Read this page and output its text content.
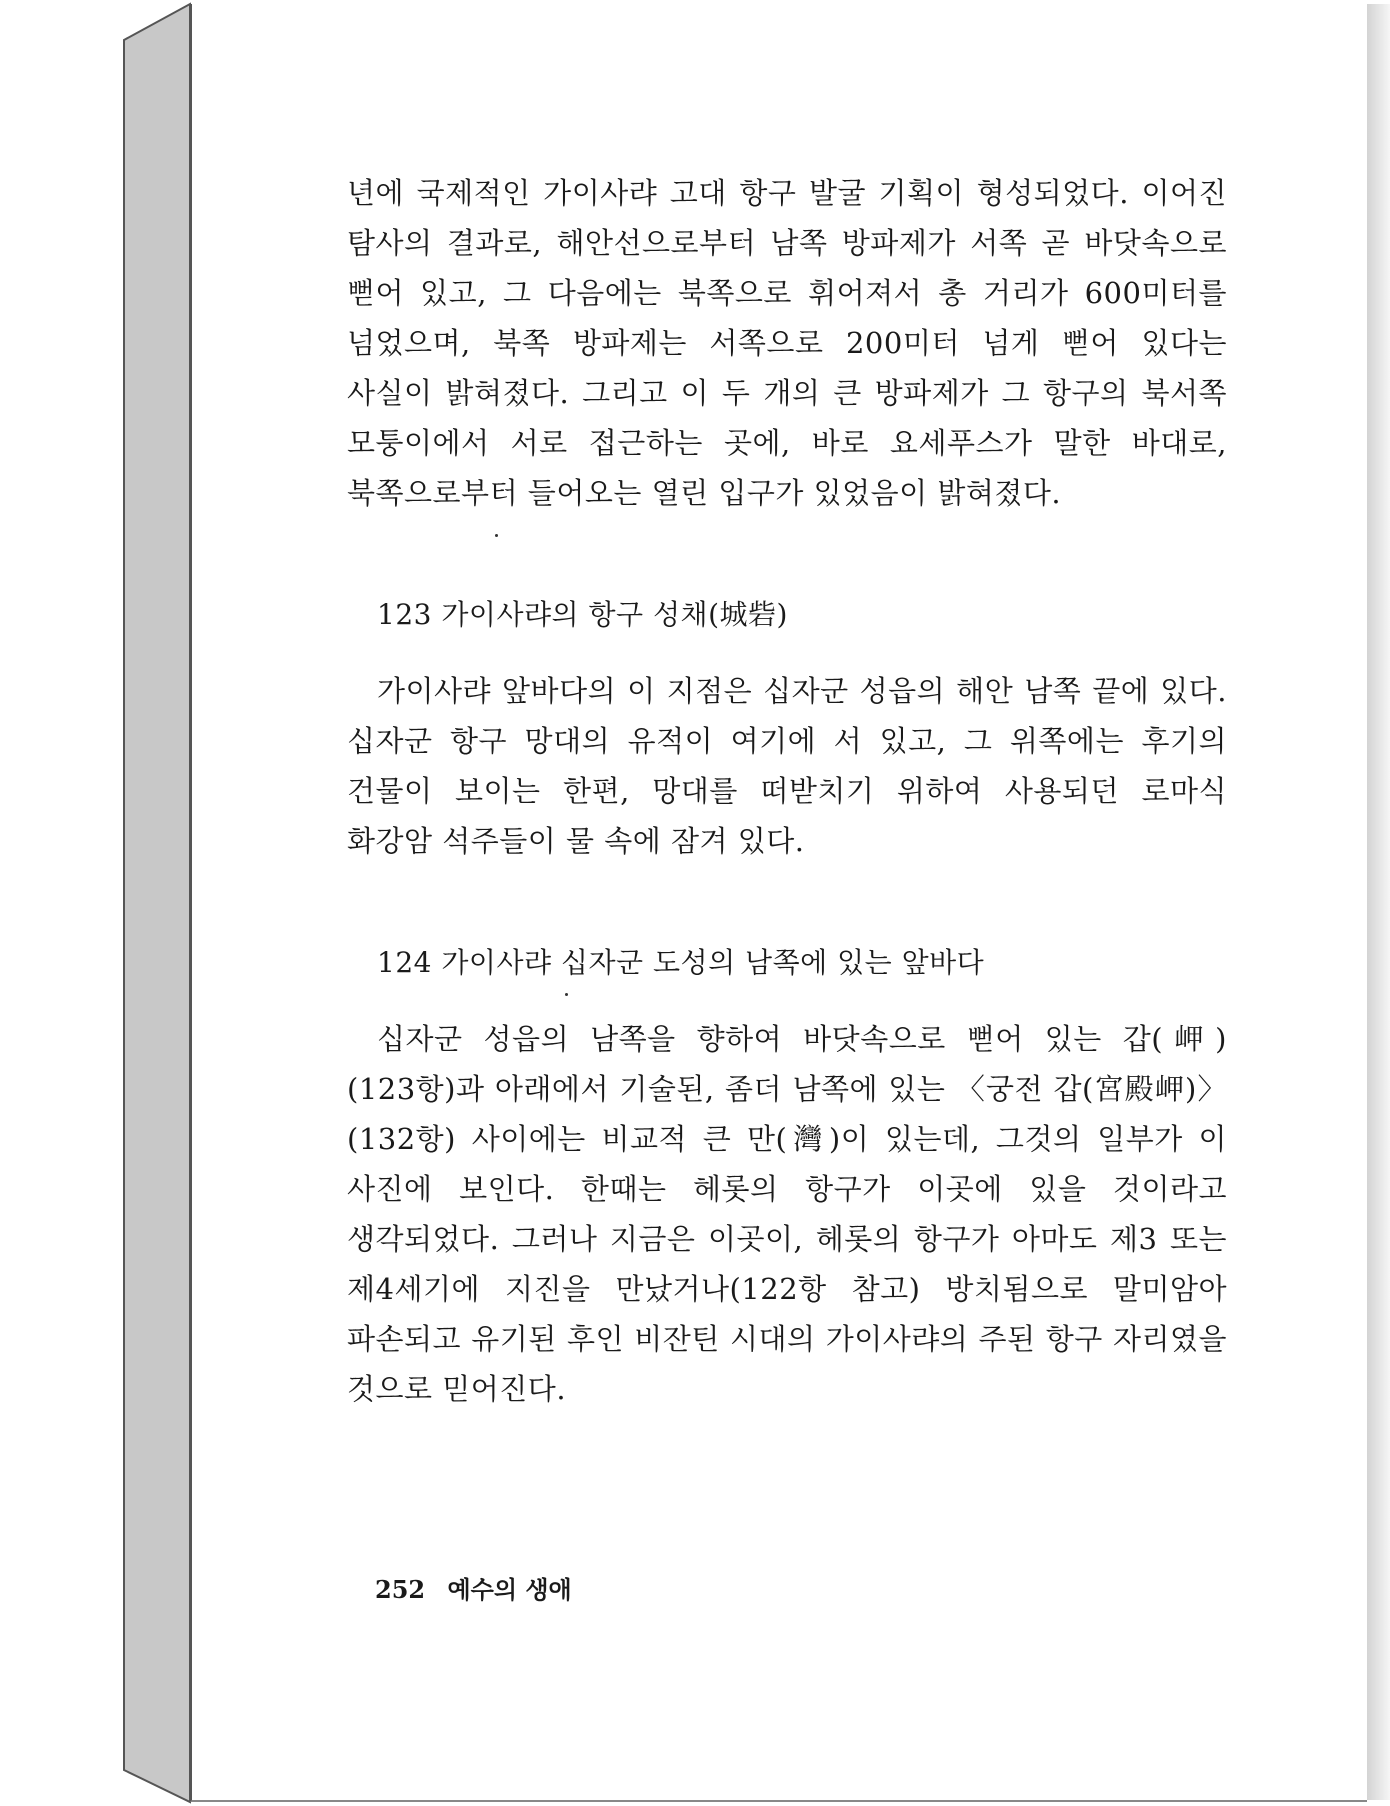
년에 국제적인 가이사랴 고대 항구 발굴 기획이 형성되었다. 이어진 탐사의 결과로, 해안선으로부터 남쪽 방파제가 서쪽 곧 바닷속으로 뻗어 있고, 그 다음에는 북쪽으로 휘어져서 총 거리가 600미터를 넘었으며, 북쪽 방파제는 서쪽으로 200미터 넘게 뻗어 있다는 사실이 밝혀졌다. 그리고 이 두 개의 큰 방파제가 그 항구의 북서쪽 모퉁이에서 서로 접근하는 곳에, 바로 요세푸스가 말한 바대로, 북쪽으로부터 들어오는 열린 입구가 있었음이 밝혀졌다.

123 가이사랴의 항구 성채(城砦)

가이사랴 앞바다의 이 지점은 십자군 성읍의 해안 남쪽 끝에 있다. 십자군 항구 망대의 유적이 여기에 서 있고, 그 위쪽에는 후기의 건물이 보이는 한편, 망대를 떠받치기 위하여 사용되던 로마식 화강암 석주들이 물 속에 잠겨 있다.

124 가이사랴 십자군 도성의 남쪽에 있는 앞바다

십자군 성읍의 남쪽을 향하여 바닷속으로 뻗어 있는 갑(岬) (123항)과 아래에서 기술된, 좀더 남쪽에 있는 〈궁전 갑(宮殿岬)〉(132항) 사이에는 비교적 큰 만(灣)이 있는데, 그것의 일부가 이 사진에 보인다. 한때는 헤롯의 항구가 이곳에 있을 것이라고 생각되었다. 그러나 지금은 이곳이, 헤롯의 항구가 아마도 제3 또는 제4세기에 지진을 만났거나(122항 참고) 방치됨으로 말미암아 파손되고 유기된 후인 비잔틴 시대의 가이사랴의 주된 항구 자리였을 것으로 믿어진다.

252 예수의 생애
